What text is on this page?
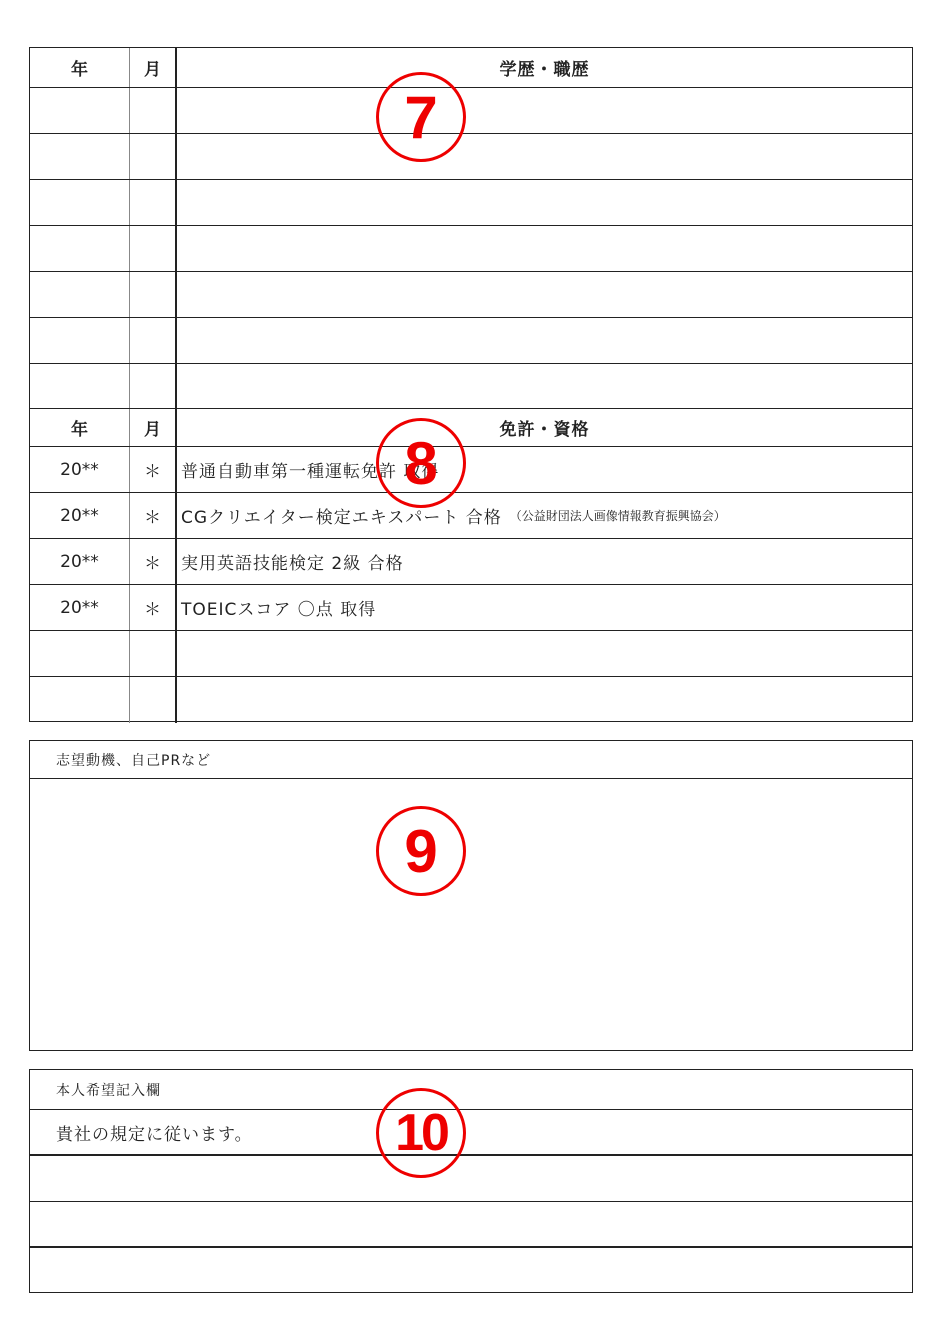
年	月	学歴・職歴
年	月	免許・資格
20**	＊	普通自動車第一種運転免許 取得
20**	＊	CGクリエイター検定エキスパート 合格 （公益財団法人画像情報教育振興協会）
20**	＊	実用英語技能検定 2級 合格
20**	＊	TOEICスコア 〇点 取得
志望動機、自己PRなど
本人希望記入欄
貴社の規定に従います。
7
8
9
10
